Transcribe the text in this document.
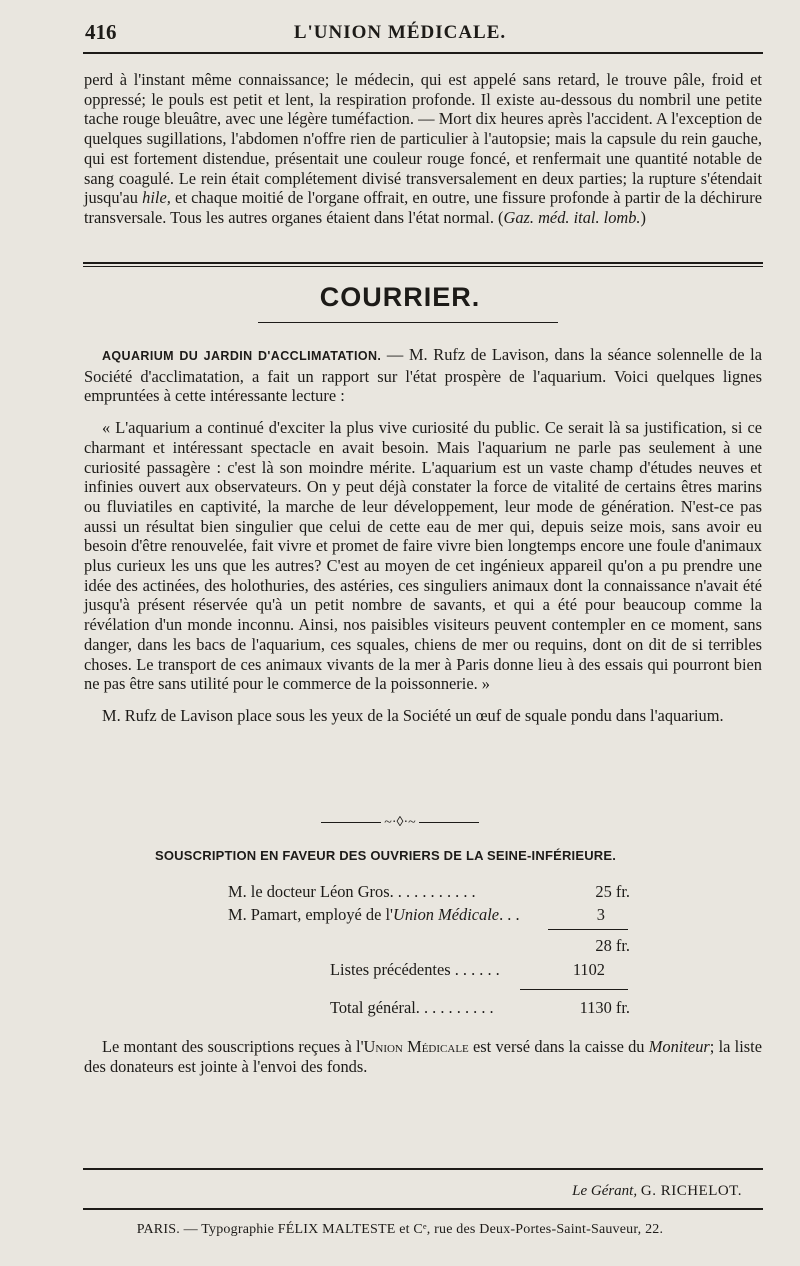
416	L'UNION MÉDICALE.

perd à l'instant même connaissance; le médecin, qui est appelé sans retard, le trouve pâle, froid et oppressé; le pouls est petit et lent, la respiration profonde. Il existe au-dessous du nombril une petite tache rouge bleuâtre, avec une légère tuméfaction. — Mort dix heures après l'accident. A l'exception de quelques sugillations, l'abdomen n'offre rien de particulier à l'autopsie; mais la capsule du rein gauche, qui est fortement distendue, présentait une couleur rouge foncé, et renfermait une quantité notable de sang coagulé. Le rein était complétement divisé transversalement en deux parties; la rupture s'étendait jusqu'au hile, et chaque moitié de l'organe offrait, en outre, une fissure profonde à partir de la déchirure transversale. Tous les autres organes étaient dans l'état normal. (Gaz. méd. ital. lomb.)

COURRIER.

AQUARIUM DU JARDIN D'ACCLIMATATION. — M. Rufz de Lavison, dans la séance solennelle de la Société d'acclimatation, a fait un rapport sur l'état prospère de l'aquarium. Voici quelques lignes empruntées à cette intéressante lecture :

« L'aquarium a continué d'exciter la plus vive curiosité du public. Ce serait là sa justification, si ce charmant et intéressant spectacle en avait besoin. Mais l'aquarium ne parle pas seulement à une curiosité passagère : c'est là son moindre mérite. L'aquarium est un vaste champ d'études neuves et infinies ouvert aux observateurs. On y peut déjà constater la force de vitalité de certains êtres marins ou fluviatiles en captivité, la marche de leur développement, leur mode de génération. N'est-ce pas aussi un résultat bien singulier que celui de cette eau de mer qui, depuis seize mois, sans avoir eu besoin d'être renouvelée, fait vivre et promet de faire vivre bien longtemps encore une foule d'animaux plus curieux les uns que les autres? C'est au moyen de cet ingénieux appareil qu'on a pu prendre une idée des actinées, des holothuries, des astéries, ces singuliers animaux dont la connaissance n'avait été jusqu'à présent réservée qu'à un petit nombre de savants, et qui a été pour beaucoup comme la révélation d'un monde inconnu. Ainsi, nos paisibles visiteurs peuvent contempler en ce moment, sans danger, dans les bacs de l'aquarium, ces squales, chiens de mer ou requins, dont on dit de si terribles choses. Le transport de ces animaux vivants de la mer à Paris donne lieu à des essais qui pourront bien ne pas être sans utilité pour le commerce de la poissonnerie. »

M. Rufz de Lavison place sous les yeux de la Société un œuf de squale pondu dans l'aquarium.

~·◊·~
SOUSCRIPTION EN FAVEUR DES OUVRIERS DE LA SEINE-INFÉRIEURE.
M. le docteur Léon Gros. . . . . . . . . . .	25 fr.
M. Pamart, employé de l'Union Médicale. . .	3
28 fr.
Listes précédentes . . . . . .	1102
Total général. . . . . . . . . .	1130 fr.

Le montant des souscriptions reçues à l'Union Médicale est versé dans la caisse du Moniteur; la liste des donateurs est jointe à l'envoi des fonds.

Le Gérant, G. RICHELOT.
PARIS. — Typographie FÉLIX MALTESTE et Cᵉ, rue des Deux-Portes-Saint-Sauveur, 22.
